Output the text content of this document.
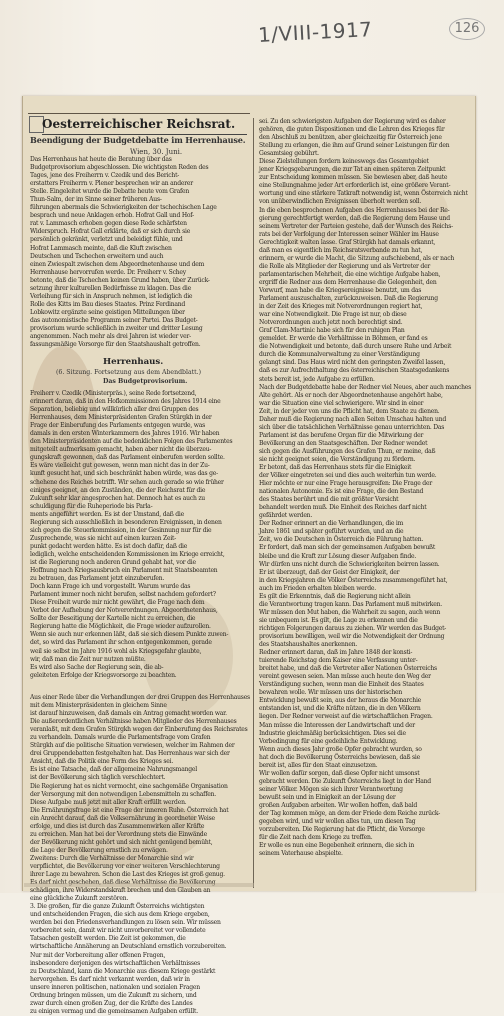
1/VIII-1917	126
Oesterreichischer Reichsrat.
Beendigung der Budgetdebatte im Herrenhause.
Wien, 30. Juni.
Das Herrenhaus hat heute die Beratung über das
Budgetprovisorium abgeschlossen. Die wichtigsten Reden des
Tages, jene des Freiherrn v. Czedik und des Bericht-
erstatters Freiherrn v. Plener besprechen wir an anderer
Stelle. Eingeleitet wurde die Debatte heute vom Grafen
Thun-Salm, der im Sinne seiner früheren Aus-
führungen abermals die Schwierigkeiten der tschechischen Lage
besprach und neue Anklagen erhob. Hofrat Gall und Hof-
rat v. Lammasch erhoben gegen diese Rede schärfsten
Widerspruch. Hofrat Gall erklärte, daß er sich durch sie
persönlich gekränkt, verletzt und beleidigt fühle, und
Hofrat Lammasch meinte, daß die Kluft zwischen
Deutschen und Tschechen erweitern und auch
einen Zwiespalt zwischen dem Abgeordnetenhause und dem
Herrenhause hervorrufen werde. Dr. Freiherr v. Schey
betonte, daß die Tschechen keinen Grund haben, über Zurück-
setzung ihrer kulturellen Bedürfnisse zu klagen. Das die
Verleihung für sich in Anspruch nehmen, ist lediglich die
Rolle des Kitts im Bau dieses Staates. Prinz Ferdinand
Lobkowitz ergänzte seine geistigen Mitteilungen über
das autonomistische Programm seiner Partei. Das Budget-
provisorium wurde schließlich in zweiter und dritter Lesung
angenommen. Nach mehr als drei Jahren ist wieder ver-
fassungsmäßige Vorsorge für den Staatshaushalt getroffen.
Herrenhaus.
(6. Sitzung. Fortsetzung aus dem Abendblatt.)
Das Budgetprovisorium.
Freiherr v. Czedik (Ministerpräs.), seine Rede fortsetzend,
erinnert daran, daß in den Hofkommissionen des Jahres 1914 eine
Separation, beliebig und willkürlich aller drei Gruppen des
Herrenhauses, dem Ministerpräsidenten Grafen Stürgkh in der
Frage der Einberufung des Parlaments entgegen wurde, was
damals in den ersten Winterkammern des Jahres 1916. Wir haben
den Ministerpräsidenten auf die bedenklichen Folgen des Parlamentes
mitgeteilt aufmerksam gemacht, haben aber nicht die überzeu-
gungskraft gewonnen, daß das Parlament einberufen werden sollte.
Es wäre vielleicht gut gewesen, wenn man nicht das in der Zu-
kunft gesucht hat, und sich beschränkt haben würde, was das ge-
schehene des Reiches betrifft. Wir sehen auch gerade so wie früher
einiges geeignet, an den Zuständen, die der Reichsrat für die
Zukunft sehr klar angesprochen hat. Dennoch hat es auch zu
schuldigung für die Ruheperiode bis Parla-
ments angeführt werden. Es ist der Umstand, daß die
Regierung sich ausschließlich in besonderen Ereignissen, in denen
sich gegen die Steuerkommission, in der Gesinnung nur für die
Zusprechende, was sie nicht auf einen kurzen Zeit-
punkt gedacht werden hätte. Es ist doch dafür, daß die
lediglich, welche entscheidenden Kommissionen im Kriege erreicht,
ist die Regierung noch anderen Grund gehabt hat, vor die
Hoffnung nach Kriegsausbruch ein Parlament mit Staatsbeamten
zu betrauen, das Parlament jetzt einzuberufen.
Doch kann Frage ich und vorgestellt. Warum wurde das
Parlament immer noch nicht berufen, selbst nachdem gefordert?
Diese Freiheit wurde mir nicht gewährt, die Frage nach dem
Verbot der Aufhebung der Notverordnungen. Abgeordnetenhaus,
Sollte der Beseitigung der Kartelle nicht zu erreichen, die
Regierung hatte die Möglichkeit, die Frage wieder aufzurollen.
Wenn sie auch nur erkennen läßt, daß sie sich diesem Punkte zuwen-
det, so wird das Parlament ihr schon entgegenkommen, gerade
weil sie selbst im Jahre 1916 wohl als Kriegsgefahr glaubte,
wir, daß man die Zeit nur nutzen müßte.
Es wird also Sache der Regierung sein, die ab-
geleiteten Erfolge der Kriegsvorsorge zu beachten.
Aus einer Rede über die Verhandlungen der drei Gruppen des Herrenhauses
mit dem Ministerpräsidenten in gleichem Sinne
ist darauf hinzuweisen, daß damals ein Antrag gemacht worden war.
Die außerordentlichen Verhältnisse haben Mitglieder des Herrenhauses
veranlaßt, mit dem Grafen Stürgkh wegen der Einberufung des Reichsrates
zu verhandeln. Damals wurde die Parlamentsfrage vom Grafen
Stürgkh auf die politische Situation verwiesen, welcher im Rahmen der
drei Gruppendebatten festgehalten hat. Das Herrenhaus war sich der
Ansicht, daß die Politik eine Form des Krieges sei.
Es ist eine Tatsache, daß der allgemeine Nahrungsmangel
ist der Bevölkerung sich täglich verschlechtert.
Die Regierung hat es nicht vermocht, eine sachgemäße Organisation
der Versorgung mit den notwendigen Lebensmitteln zu schaffen.
Diese Aufgabe muß jetzt mit aller Kraft erfüllt werden.
Die Ernährungsfrage ist eine Frage der inneren Ruhe. Österreich hat
ein Anrecht darauf, daß die Volksernährung in geordneter Weise
erfolge, und dies ist durch das Zusammenwirken aller Kräfte
zu erreichen. Man hat bei der Verordnung stets die Einwände
der Bevölkerung nicht gehört und sich nicht genügend bemüht,
die Lage der Bevölkerung ernstlich zu erwägen.
Zweitens: Durch die Verhältnisse der Monarchie sind wir
verpflichtet, die Bevölkerung vor einer weiteren Verschlechterung
ihrer Lage zu bewahren. Schon die Last des Krieges ist groß genug.
schädigen, ihre Widerstandskraft brechen und den Glauben an
eine glückliche Zukunft zerstören.
3. Die großen, für die ganze Zukunft Österreichs wichtigsten
und entscheidenden Fragen, die sich aus dem Kriege ergeben,
werden bei den Friedensverhandlungen zu lösen sein. Wir müssen
vorbereitet sein, damit wir nicht unvorbereitet vor vollendete
Tatsachen gestellt werden. Die Zeit ist gekommen, die
wirtschaftliche Annäherung an Deutschland ernstlich vorzubereiten.
Nur mit der Vorbereitung aller offenen Fragen,
insbesondere derjenigen des wirtschaftlichen Verhältnisses
zu Deutschland, kann die Monarchie aus diesem Kriege gestärkt
hervorgehen. Es darf nicht verkannt werden, daß wir in
unsere inneren politischen, nationalen und sozialen Fragen
Ordnung bringen müssen, um die Zukunft zu sichern, und
zwar durch einen großen Zug, der die Kräfte des Landes
zu einigen vermag und die gemeinsamen Aufgaben erfüllt.
sei. Zu den schwierigsten Aufgaben der Regierung wird es daher
gehören, die guten Dispositionen und die Lehren des Krieges für
den Abschluß zu benützen, aber gleichzeitig für Österreich jene
Stellung zu erlangen, die ihm auf Grund seiner Leistungen für den
Gesamtsieg gebührt.
Diese Zielstellungen fordern keineswegs das Gesamtgebiet
jener Kriegsgebarungen, die zur Tat an einen späteren Zeitpunkt
zur Entscheidung kommen müssen. Sie bewiesen aber, daß heute
eine Stellungnahme jeder Art erforderlich ist, eine größere Verant-
wortung und eine stärkere Tatkraft notwendig ist, wenn Österreich nicht
von unüberwindlichen Ereignissen überholt werden soll.
In die eben besprochenen Aufgaben des Herrenhauses bei der Re-
gierung gerechtfertigt werden, daß die Regierung dem Hause und
seinem Vertreter der Parteien gestehe, daß der Wunsch des Reichs-
rats bei der Verfolgung der Interessen seiner Wähler im Hause
Gerechtigkeit walten lasse. Graf Stürgkh hat damals erkannt,
daß man es eigentlich im Reichsratsverbande zu tun hat,
erinnern, er wurde die Macht, die Sitzung aufschiebend, als er nach
die Rolle als Mitglieder der Regierung und als Vertreter der
parlamentarischen Mehrheit, die eine wichtige Aufgabe haben,
ergriff die Redner aus dem Herrenhause die Gelegenheit, den
Vorwurf, man habe die Kriegsereignisse benutzt, um das
Parlament auszuschalten, zurückzuweisen. Daß die Regierung
in der Zeit des Krieges mit Notverordnungen regiert hat,
war eine Notwendigkeit. Die Frage ist nur, ob diese
Notverordnungen auch jetzt noch berechtigt sind.
Graf Clam-Martinic habe sich für den ruhigen Plan
gemeldet. Er werde die Verhältnisse in Böhmen, er fand es
die Notwendigkeit und betonte, daß durch unsere Ruhe und Arbeit
durch die Kommunalverwaltung zu einer Verständigung
gelangt sind. Das Haus wird nicht den geringsten Zweifel lassen,
daß es zur Aufrechthaltung des österreichischen Staatsgedankens
stets bereit ist, jede Aufgabe zu erfüllen.
Nach der Budgetdebatte habe der Redner viel Neues, aber auch manches
Alte gehört. Als er noch der Abgeordnetenhause angehört habe,
war die Situation eine viel schwierigere. Wir sind in einer
Zeit, in der jeder von uns die Pflicht hat, dem Staate zu dienen.
Daher muß die Regierung nach allen Seiten Umschau halten und
sich über die tatsächlichen Verhältnisse genau unterrichten. Das
Parlament ist das berufene Organ für die Mitwirkung der
Bevölkerung an den Staatsgeschäften. Der Redner wendet
sich gegen die Ausführungen des Grafen Thun, er meine, daß
sie nicht geeignet seien, die Verständigung zu fördern.
Er betont, daß das Herrenhaus stets für die Einigkeit
der Völker eingetreten sei und dies auch weiterhin tun werde.
Hier möchte er nur eine Frage herausgreifen: Die Frage der
nationalen Autonomie. Es ist eine Frage, die den Bestand
des Staates berührt und die mit größter Vorsicht
behandelt werden muß. Die Einheit des Reiches darf nicht
gefährdet werden.
Der Redner erinnert an die Verhandlungen, die im
Jahre 1861 und später geführt wurden, und an die
Zeit, wo die Deutschen in Österreich die Führung hatten.
Er fordert, daß man sich der gemeinsamen Aufgaben bewußt
bleibe und die Kraft zur Lösung dieser Aufgaben finde.
Wir dürfen uns nicht durch die Schwierigkeiten beirren lassen.
Er ist überzeugt, daß der Geist der Einigkeit, der
in den Kriegsjahren die Völker Österreichs zusammengeführt hat,
auch im Frieden erhalten bleiben werde.
Es gilt die Erkenntnis, daß die Regierung nicht allein
die Verantwortung tragen kann. Das Parlament muß mitwirken.
Wir müssen den Mut haben, die Wahrheit zu sagen, auch wenn
sie unbequem ist. Es gilt, die Lage zu erkennen und die
richtigen Folgerungen daraus zu ziehen. Wir werden das Budget-
provisorium bewilligen, weil wir die Notwendigkeit der Ordnung
des Staatshaushaltes anerkennen.
Redner erinnert daran, daß im Jahre 1848 der konsti-
tuierende Reichstag dem Kaiser eine Verfassung unter-
breitet habe, und daß die Vertreter aller Nationen Österreichs
vereint gewesen seien. Man müsse auch heute den Weg der
Verständigung suchen, wenn man die Einheit des Staates
bewahren wolle. Wir müssen uns der historischen
Entwicklung bewußt sein, aus der heraus die Monarchie
entstanden ist, und die Kräfte nützen, die in den Völkern
liegen. Der Redner verweist auf die wirtschaftlichen Fragen.
Man müsse die Interessen der Landwirtschaft und der
Industrie gleichmäßig berücksichtigen. Dies sei die
Vorbedingung für eine gedeihliche Entwicklung.
Wenn auch dieses Jahr große Opfer gebracht wurden, so
hat doch die Bevölkerung Österreichs bewiesen, daß sie
bereit ist, alles für den Staat einzusetzen.
Wir wollen dafür sorgen, daß diese Opfer nicht umsonst
gebracht werden. Die Zukunft Österreichs liegt in der Hand
seiner Völker. Mögen sie sich ihrer Verantwortung
bewußt sein und in Einigkeit an der Lösung der
großen Aufgaben arbeiten. Wir wollen hoffen, daß bald
der Tag kommen möge, an dem der Friede dem Reiche zurück-
gegeben wird, und wir wollen alles tun, um diesen Tag
vorzubereiten. Die Regierung hat die Pflicht, die Vorsorge
für die Zeit nach dem Kriege zu treffen.
Er wolle es nun eine Begebenheit erinnern, die sich in
seinem Vaterhause abspielte.
